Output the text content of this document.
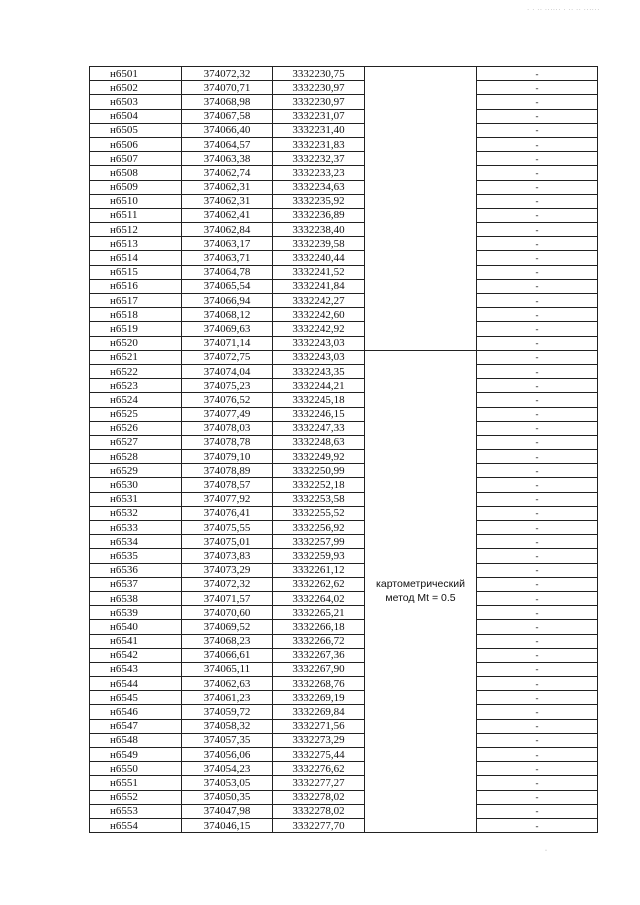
· · ·· ······ · ·· ·· ······
н6501	374072,32	3332230,75		-
н6502	374070,71	3332230,97		-
н6503	374068,98	3332230,97		-
н6504	374067,58	3332231,07		-
н6505	374066,40	3332231,40		-
н6506	374064,57	3332231,83		-
н6507	374063,38	3332232,37		-
н6508	374062,74	3332233,23		-
н6509	374062,31	3332234,63		-
н6510	374062,31	3332235,92		-
н6511	374062,41	3332236,89		-
н6512	374062,84	3332238,40		-
н6513	374063,17	3332239,58		-
н6514	374063,71	3332240,44		-
н6515	374064,78	3332241,52		-
н6516	374065,54	3332241,84		-
н6517	374066,94	3332242,27		-
н6518	374068,12	3332242,60		-
н6519	374069,63	3332242,92		-
н6520	374071,14	3332243,03		-
н6521	374072,75	3332243,03	картометрический
метод Mt = 0.5	-
н6522	374074,04	3332243,35		-
н6523	374075,23	3332244,21		-
н6524	374076,52	3332245,18		-
н6525	374077,49	3332246,15		-
н6526	374078,03	3332247,33		-
н6527	374078,78	3332248,63		-
н6528	374079,10	3332249,92		-
н6529	374078,89	3332250,99		-
н6530	374078,57	3332252,18		-
н6531	374077,92	3332253,58		-
н6532	374076,41	3332255,52		-
н6533	374075,55	3332256,92		-
н6534	374075,01	3332257,99		-
н6535	374073,83	3332259,93		-
н6536	374073,29	3332261,12		-
н6537	374072,32	3332262,62		-
н6538	374071,57	3332264,02		-
н6539	374070,60	3332265,21		-
н6540	374069,52	3332266,18		-
н6541	374068,23	3332266,72		-
н6542	374066,61	3332267,36		-
н6543	374065,11	3332267,90		-
н6544	374062,63	3332268,76		-
н6545	374061,23	3332269,19		-
н6546	374059,72	3332269,84		-
н6547	374058,32	3332271,56		-
н6548	374057,35	3332273,29		-
н6549	374056,06	3332275,44		-
н6550	374054,23	3332276,62		-
н6551	374053,05	3332277,27		-
н6552	374050,35	3332278,02		-
н6553	374047,98	3332278,02		-
н6554	374046,15	3332277,70		-
·
